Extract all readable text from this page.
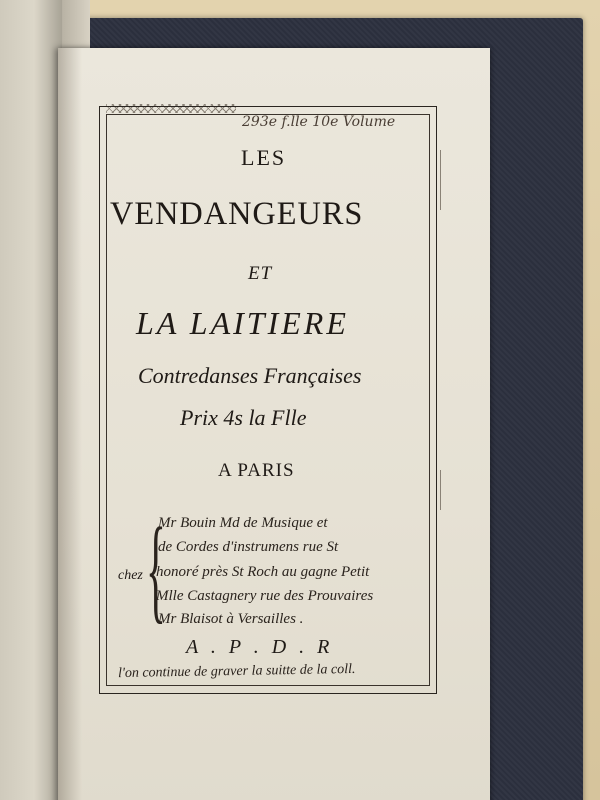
293e f.lle 10e Volume
LES
VENDANGEURS
ET
LA LAITIERE
Contredanses Françaises
Prix 4s la Flle
A PARIS
{
chez
Mr Bouin Md de Musique et
de Cordes d'instrumens rue St
honoré près St Roch au gagne Petit
Mlle Castagnery rue des Prouvaires
Mr Blaisot à Versailles .
A . P . D . R
l'on continue de graver la suitte de la coll.
